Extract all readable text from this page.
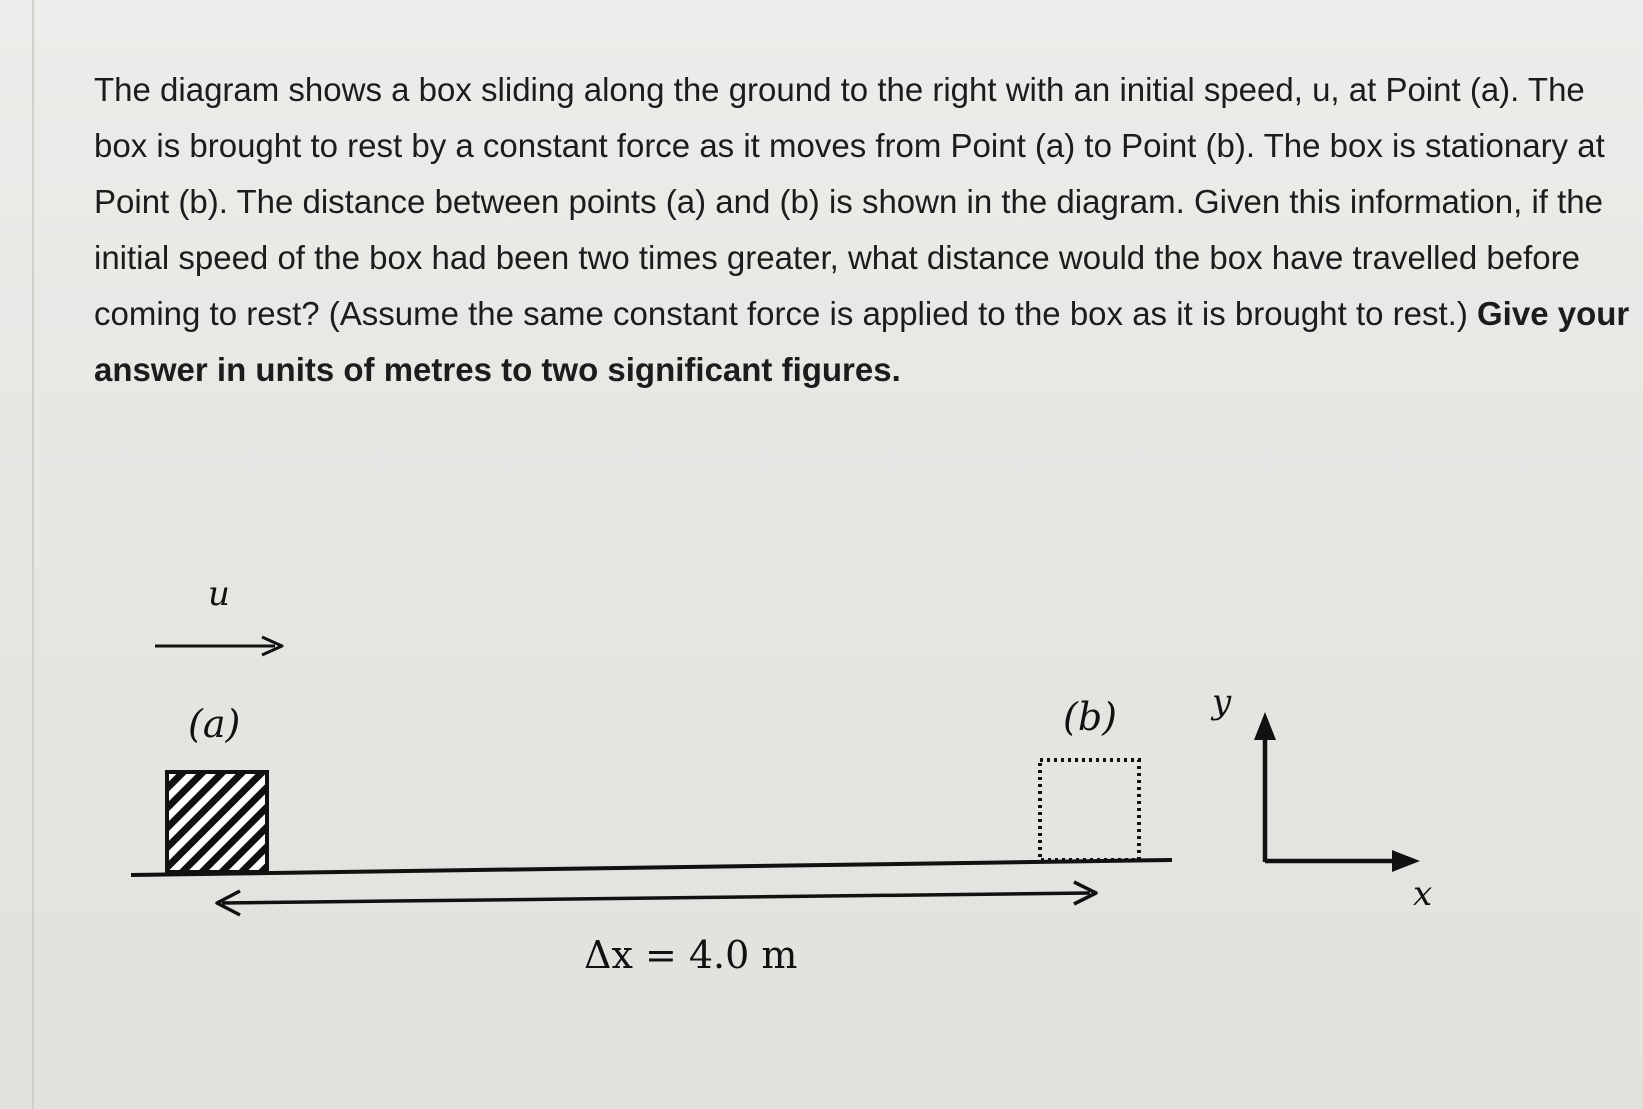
The diagram shows a box sliding along the ground to the right with an initial speed, u, at Point (a). The box is brought to rest by a constant force as it moves from Point (a) to Point (b). The box is stationary at Point (b). The distance between points (a) and (b) is shown in the diagram. Given this information, if the initial speed of the box had been two times greater, what distance would the box have travelled before coming to rest? (Assume the same constant force is applied to the box as it is brought to rest.) Give your answer in units of metres to two significant figures.

u
(a)	(b)
Δx = 4.0 m
y
x
